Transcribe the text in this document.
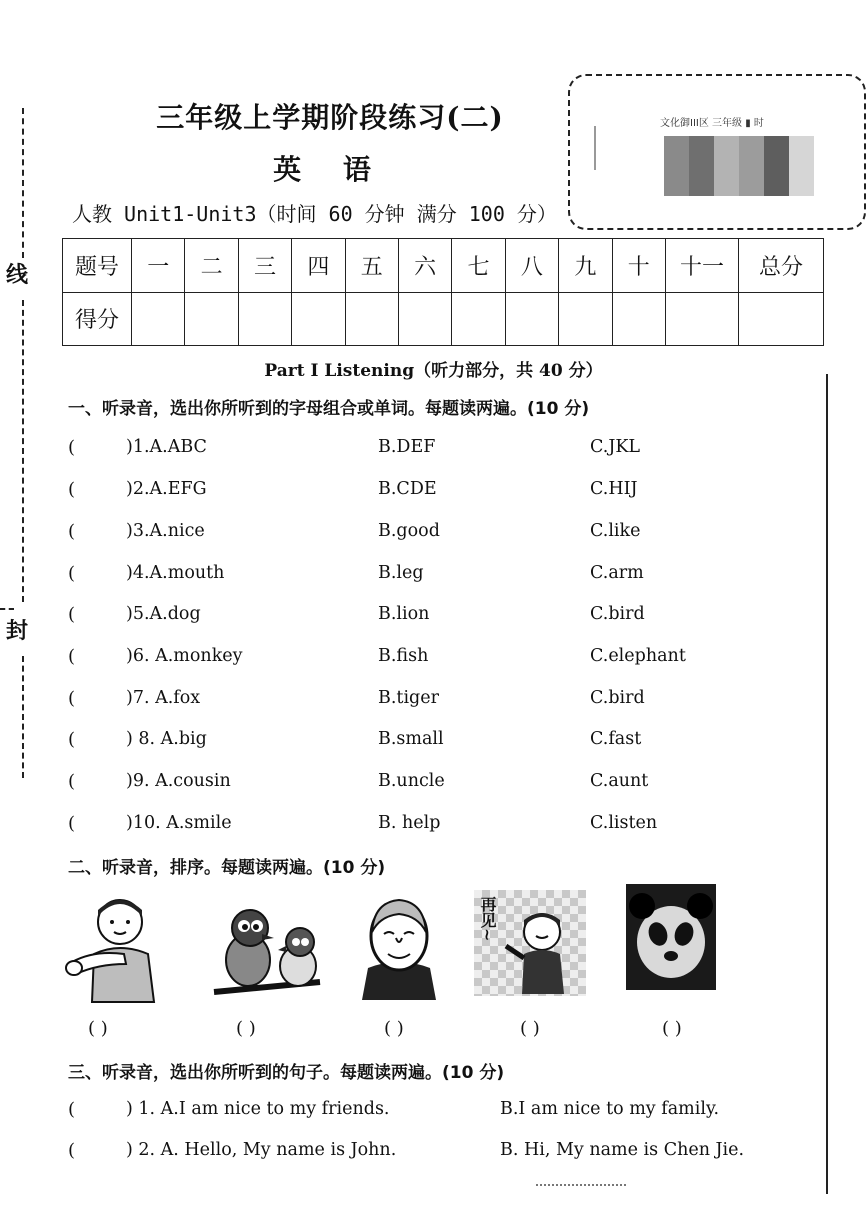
线
封
三年级上学期阶段练习(二)
英 语
人教 Unit1-Unit3（时间 60 分钟 满分 100 分）
文化御III区 三年级 ▮ 时
题号	一	二	三	四	五	六	七	八	九	十	十一	总分
得分												
Part I Listening（听力部分，共 40 分）
一、听录音，选出你所听到的字母组合或单词。每题读两遍。(10 分)
(	)1.A.ABC	B.DEF	C.JKL
(	)2.A.EFG	B.CDE	C.HIJ
(	)3.A.nice	B.good	C.like
(	)4.A.mouth	B.leg	C.arm
(	)5.A.dog	B.lion	C.bird
(	)6. A.monkey	B.fish	C.elephant
(	)7. A.fox	B.tiger	C.bird
(	) 8. A.big	B.small	C.fast
(	)9. A.cousin	B.uncle	C.aunt
(	)10. A.smile	B. help	C.listen
二、听录音，排序。每题读两遍。(10 分)
再见~
( )	( )	( )	( )	( )
三、听录音，选出你所听到的句子。每题读两遍。(10 分)
(	) 1. A.I am nice to my friends.	B.I am nice to my family.
(	) 2. A. Hello, My name is John.	B. Hi, My name is Chen Jie.
